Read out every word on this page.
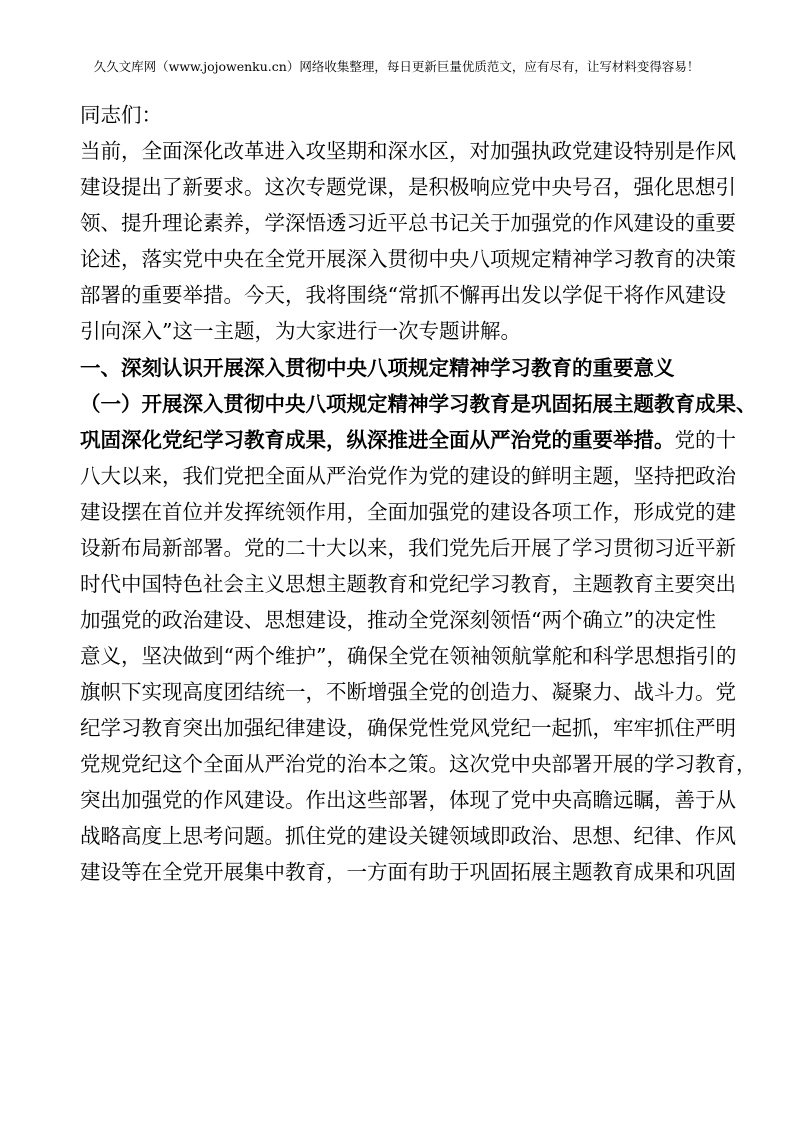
久久文库网（www.jojowenku.cn）网络收集整理，每日更新巨量优质范文，应有尽有，让写材料变得容易！
同志们：
当前，全面深化改革进入攻坚期和深水区，对加强执政党建设特别是作风
建设提出了新要求。这次专题党课，是积极响应党中央号召，强化思想引
领、提升理论素养，学深悟透习近平总书记关于加强党的作风建设的重要
论述，落实党中央在全党开展深入贯彻中央八项规定精神学习教育的决策
部署的重要举措。今天，我将围绕“常抓不懈再出发以学促干将作风建设
引向深入”这一主题，为大家进行一次专题讲解。
一、深刻认识开展深入贯彻中央八项规定精神学习教育的重要意义
（一）开展深入贯彻中央八项规定精神学习教育是巩固拓展主题教育成果、
巩固深化党纪学习教育成果，纵深推进全面从严治党的重要举措。党的十
八大以来，我们党把全面从严治党作为党的建设的鲜明主题，坚持把政治
建设摆在首位并发挥统领作用，全面加强党的建设各项工作，形成党的建
设新布局新部署。党的二十大以来，我们党先后开展了学习贯彻习近平新
时代中国特色社会主义思想主题教育和党纪学习教育，主题教育主要突出
加强党的政治建设、思想建设，推动全党深刻领悟“两个确立”的决定性
意义，坚决做到“两个维护”，确保全党在领袖领航掌舵和科学思想指引的
旗帜下实现高度团结统一，不断增强全党的创造力、凝聚力、战斗力。党
纪学习教育突出加强纪律建设，确保党性党风党纪一起抓，牢牢抓住严明
党规党纪这个全面从严治党的治本之策。这次党中央部署开展的学习教育，
突出加强党的作风建设。作出这些部署，体现了党中央高瞻远瞩，善于从
战略高度上思考问题。抓住党的建设关键领域即政治、思想、纪律、作风
建设等在全党开展集中教育，一方面有助于巩固拓展主题教育成果和巩固
